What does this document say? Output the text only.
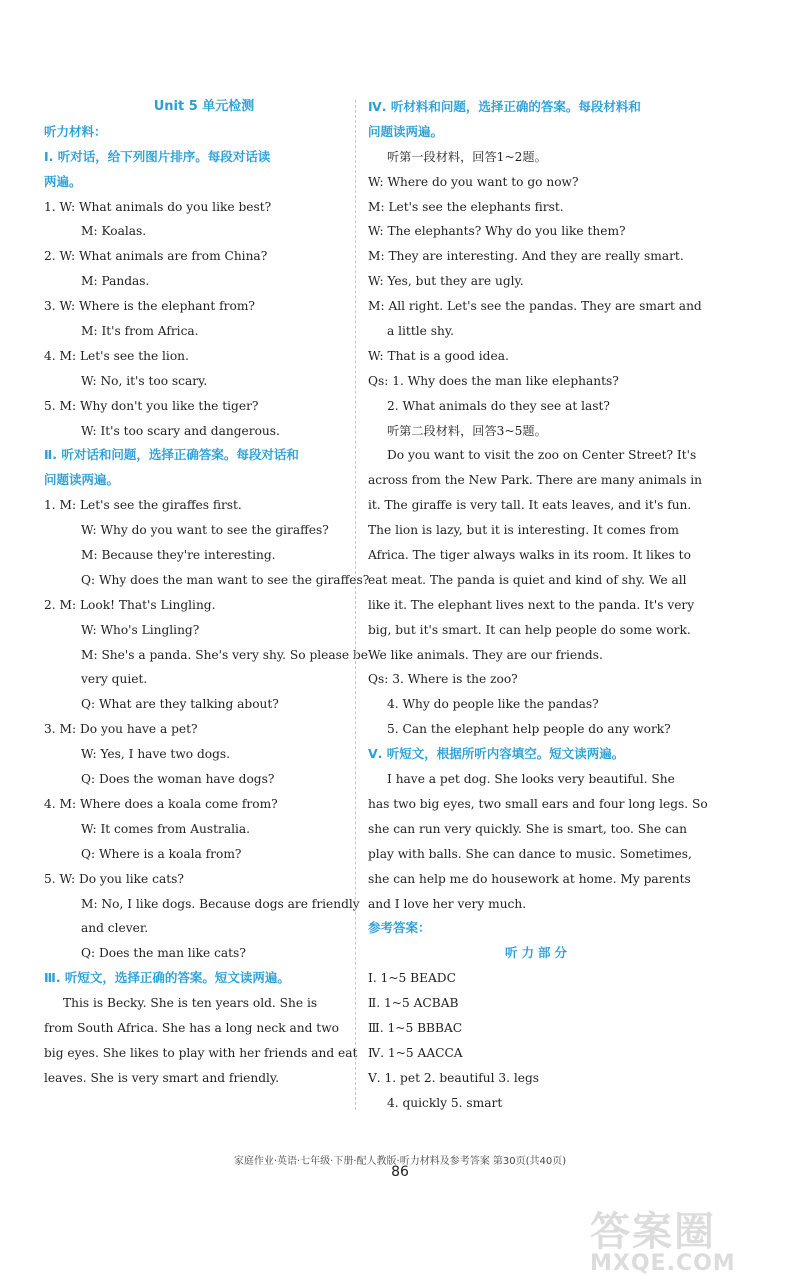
Unit 5 单元检测
听力材料：
Ⅰ. 听对话，给下列图片排序。每段对话读
两遍。
1. W: What animals do you like best?
M: Koalas.
2. W: What animals are from China?
M: Pandas.
3. W: Where is the elephant from?
M: It's from Africa.
4. M: Let's see the lion.
W: No, it's too scary.
5. M: Why don't you like the tiger?
W: It's too scary and dangerous.
Ⅱ. 听对话和问题，选择正确答案。每段对话和
问题读两遍。
1. M: Let's see the giraffes first.
W: Why do you want to see the giraffes?
M: Because they're interesting.
Q: Why does the man want to see the giraffes?
2. M: Look! That's Lingling.
W: Who's Lingling?
M: She's a panda. She's very shy. So please be
very quiet.
Q: What are they talking about?
3. M: Do you have a pet?
W: Yes, I have two dogs.
Q: Does the woman have dogs?
4. M: Where does a koala come from?
W: It comes from Australia.
Q: Where is a koala from?
5. W: Do you like cats?
M: No, I like dogs. Because dogs are friendly
and clever.
Q: Does the man like cats?
Ⅲ. 听短文，选择正确的答案。短文读两遍。
This is Becky. She is ten years old. She is
from South Africa. She has a long neck and two
big eyes. She likes to play with her friends and eat
leaves. She is very smart and friendly.
Ⅳ. 听材料和问题，选择正确的答案。每段材料和
问题读两遍。
听第一段材料，回答1~2题。
W: Where do you want to go now?
M: Let's see the elephants first.
W: The elephants? Why do you like them?
M: They are interesting. And they are really smart.
W: Yes, but they are ugly.
M: All right. Let's see the pandas. They are smart and
a little shy.
W: That is a good idea.
Qs: 1. Why does the man like elephants?
2. What animals do they see at last?
听第二段材料，回答3~5题。
Do you want to visit the zoo on Center Street? It's
across from the New Park. There are many animals in
it. The giraffe is very tall. It eats leaves, and it's fun.
The lion is lazy, but it is interesting. It comes from
Africa. The tiger always walks in its room. It likes to
eat meat. The panda is quiet and kind of shy. We all
like it. The elephant lives next to the panda. It's very
big, but it's smart. It can help people do some work.
We like animals. They are our friends.
Qs: 3. Where is the zoo?
4. Why do people like the pandas?
5. Can the elephant help people do any work?
Ⅴ. 听短文，根据所听内容填空。短文读两遍。
I have a pet dog. She looks very beautiful. She
has two big eyes, two small ears and four long legs. So
she can run very quickly. She is smart, too. She can
play with balls. She can dance to music. Sometimes,
she can help me do housework at home. My parents
and I love her very much.
参考答案：
听力部分
Ⅰ. 1~5 BEADC
Ⅱ. 1~5 ACBAB
Ⅲ. 1~5 BBBAC
Ⅳ. 1~5 AACCA
Ⅴ. 1. pet 2. beautiful 3. legs
4. quickly 5. smart
家庭作业·英语·七年级·下册·配人教版·听力材料及参考答案 第30页(共40页)
86
答案圈
MXQE.COM
